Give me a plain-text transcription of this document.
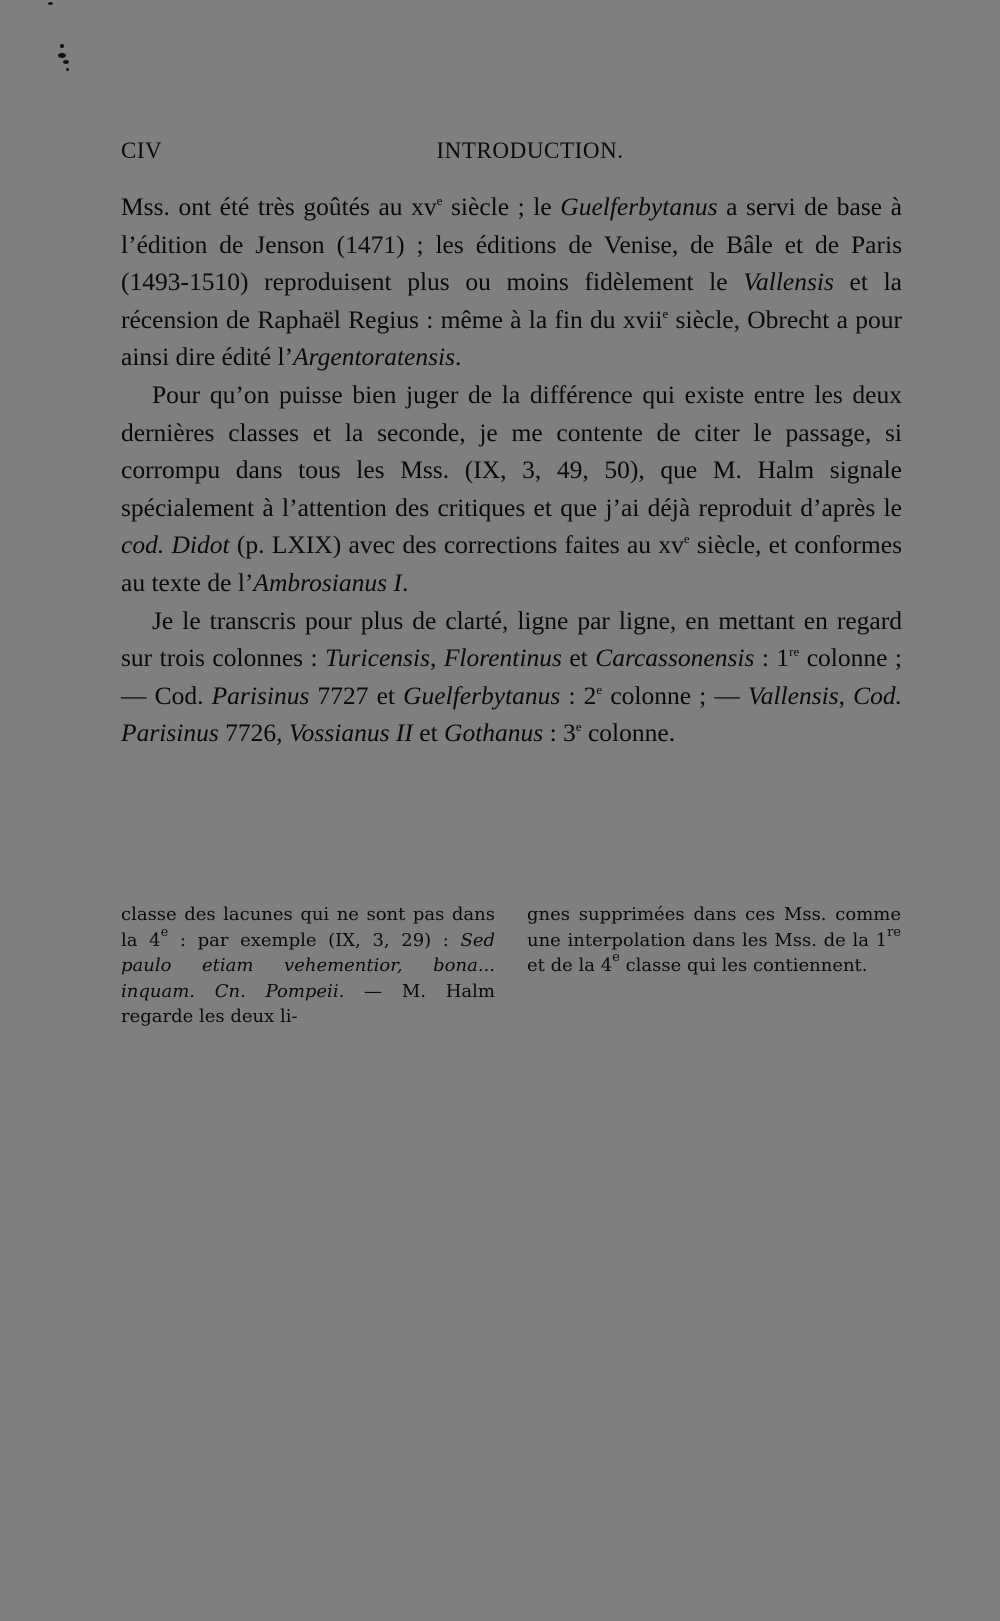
CIV	INTRODUCTION.

Mss. ont été très goûtés au $xv^e$ siècle ; le Guelferbytanus a servi de base à l’édition de Jenson (1471) ; les éditions de Venise, de Bâle et de Paris (1493-1510) reproduisent plus ou moins fidèlement le Vallensis et la récension de Raphaël Regius : même à la fin du xvii$^e$ siècle, Obrecht a pour ainsi dire édité l’Argentoratensis.

Pour qu’on puisse bien juger de la différence qui existe entre les deux dernières classes et la seconde, je me contente de citer le passage, si corrompu dans tous les Mss. (IX, 3, 49, 50), que M. Halm signale spécialement à l’attention des critiques et que j’ai déjà reproduit d’après le cod. Didot (p. LXIX) avec des corrections faites au $xv^e$ siècle, et conformes au texte de l’Ambrosianus I.

Je le transcris pour plus de clarté, ligne par ligne, en mettant en regard sur trois colonnes : Turicensis, Florentinus et Carcassonensis : 1re colonne ; — Cod. Parisinus 7727 et Guelferbytanus : 2e colonne ; — Vallensis, Cod. Parisinus 7726, Vossianus II et Gothanus : 3e colonne.

classe des lacunes qui ne sont pas dans la 4e : par exemple (IX, 3, 29) : Sed paulo etiam vehementior, bona... inquam. Cn. Pompeii. — M. Halm regarde les deux li-

gnes supprimées dans ces Mss. comme une interpolation dans les Mss. de la 1re et de la 4e classe qui les contiennent.
